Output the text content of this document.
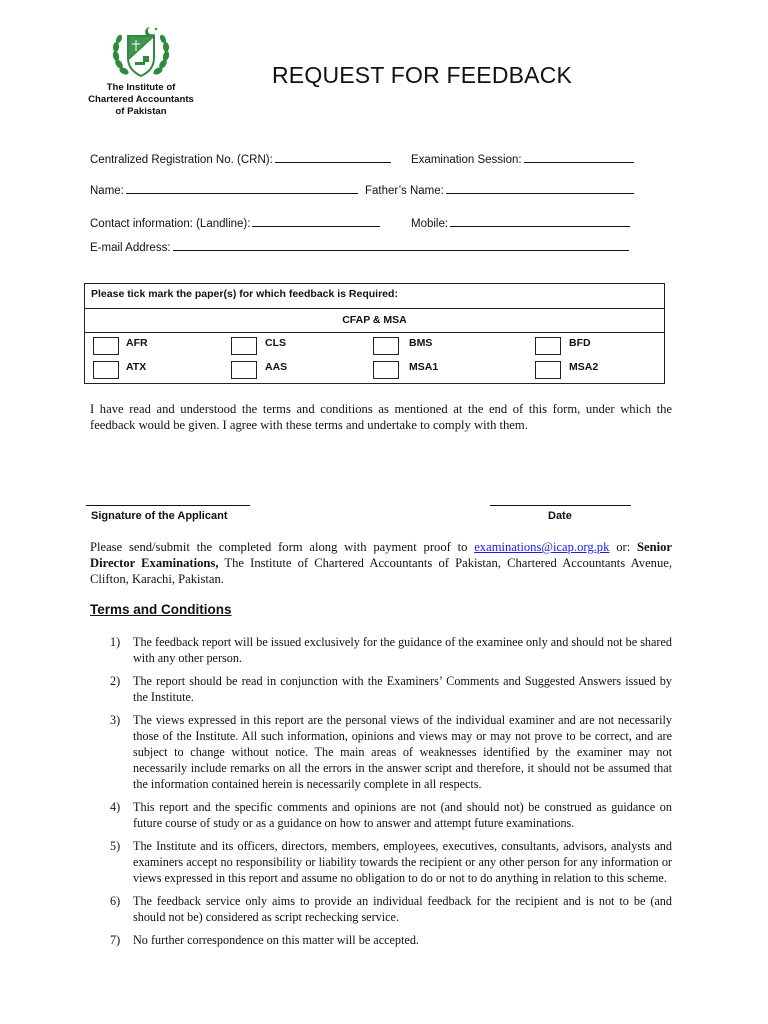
The Institute of
Chartered Accountants
of Pakistan
REQUEST FOR FEEDBACK
Centralized Registration No. (CRN):	Examination Session:
Name:	Father’s Name:
Contact information: (Landline):	Mobile:
E-mail Address:
Please tick mark the paper(s) for which feedback is Required:
CFAP & MSA
AFR	CLS	BMS	BFD
ATX	AAS	MSA1	MSA2
I have read and understood the terms and conditions as mentioned at the end of this form, under which the feedback would be given. I agree with these terms and undertake to comply with them.
Signature of the Applicant	Date
Please send/submit the completed form along with payment proof to examinations@icap.org.pk or: Senior Director Examinations, The Institute of Chartered Accountants of Pakistan, Chartered Accountants Avenue, Clifton, Karachi, Pakistan.
Terms and Conditions
1) The feedback report will be issued exclusively for the guidance of the examinee only and should not be shared with any other person.
2) The report should be read in conjunction with the Examiners’ Comments and Suggested Answers issued by the Institute.
3) The views expressed in this report are the personal views of the individual examiner and are not necessarily those of the Institute. All such information, opinions and views may or may not prove to be correct, and are subject to change without notice. The main areas of weaknesses identified by the examiner may not necessarily include remarks on all the errors in the answer script and therefore, it should not be assumed that the information contained herein is necessarily complete in all respects.
4) This report and the specific comments and opinions are not (and should not) be construed as guidance on future course of study or as a guidance on how to answer and attempt future examinations.
5) The Institute and its officers, directors, members, employees, executives, consultants, advisors, analysts and examiners accept no responsibility or liability towards the recipient or any other person for any information or views expressed in this report and assume no obligation to do or not to do anything in relation to this scheme.
6) The feedback service only aims to provide an individual feedback for the recipient and is not to be (and should not be) considered as script rechecking service.
7) No further correspondence on this matter will be accepted.
